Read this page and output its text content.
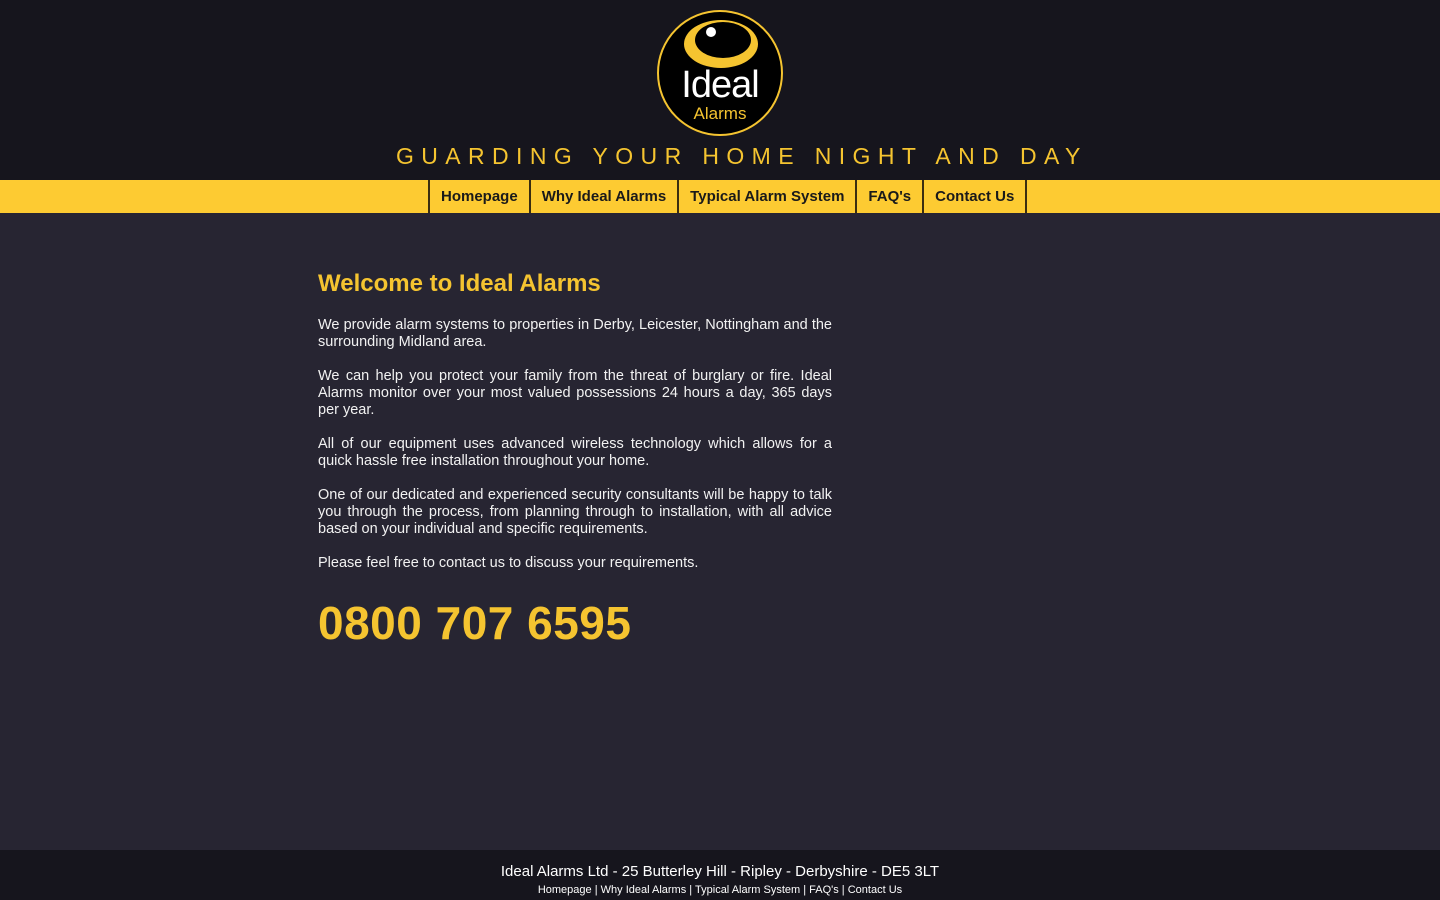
Ideal
Alarms
GUARDING YOUR HOME NIGHT AND DAY
Homepage	Why Ideal Alarms	Typical Alarm System	FAQ's	Contact Us
Welcome to Ideal Alarms

We provide alarm systems to properties in Derby, Leicester, Nottingham and the surrounding Midland area.

We can help you protect your family from the threat of burglary or fire. Ideal Alarms monitor over your most valued possessions 24 hours a day, 365 days per year.

All of our equipment uses advanced wireless technology which allows for a quick hassle free installation throughout your home.

One of our dedicated and experienced security consultants will be happy to talk you through the process, from planning through to installation, with all advice based on your individual and specific requirements.

Please feel free to contact us to discuss your requirements.

0800 707 6595
Ideal Alarms Ltd - 25 Butterley Hill - Ripley - Derbyshire - DE5 3LT
Homepage | Why Ideal Alarms | Typical Alarm System | FAQ's | Contact Us
